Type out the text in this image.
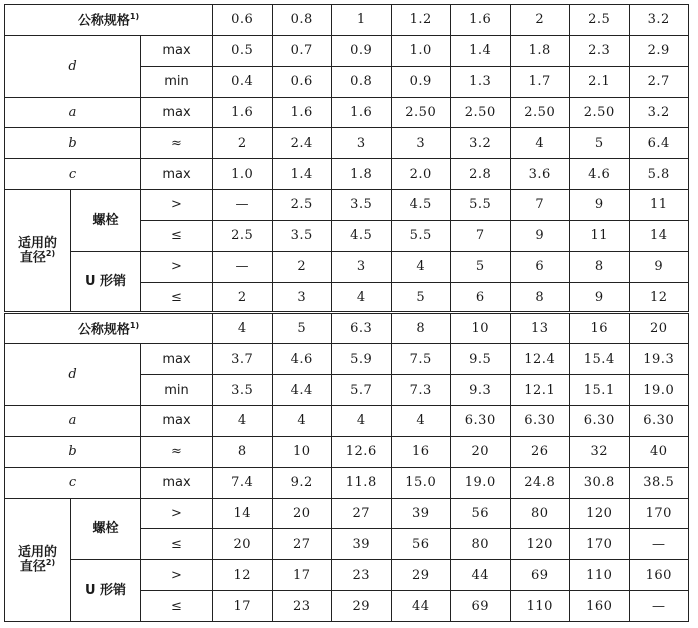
公称规格$^{1)}$			0.6	0.8	1	1.2	1.6	2	2.5	3.2
d		max	0.5	0.7	0.9	1.0	1.4	1.8	2.3	2.9
		min	0.4	0.6	0.8	0.9	1.3	1.7	2.1	2.7
a		max	1.6	1.6	1.6	2.50	2.50	2.50	2.50	3.2
b		≈	2	2.4	3	3	3.2	4	5	6.4
c		max	1.0	1.4	1.8	2.0	2.8	3.6	4.6	5.8
适用的
直径$^{2)}$	螺栓	>	—	2.5	3.5	4.5	5.5	7	9	11
		≤	2.5	3.5	4.5	5.5	7	9	11	14
	U 形销	>	—	2	3	4	5	6	8	9
		≤	2	3	4	5	6	8	9	12
公称规格$^{1)}$			4	5	6.3	8	10	13	16	20
d		max	3.7	4.6	5.9	7.5	9.5	12.4	15.4	19.3
		min	3.5	4.4	5.7	7.3	9.3	12.1	15.1	19.0
a		max	4	4	4	4	6.30	6.30	6.30	6.30
b		≈	8	10	12.6	16	20	26	32	40
c		max	7.4	9.2	11.8	15.0	19.0	24.8	30.8	38.5
适用的
直径$^{2)}$	螺栓	>	14	20	27	39	56	80	120	170
		≤	20	27	39	56	80	120	170	—
	U 形销	>	12	17	23	29	44	69	110	160
		≤	17	23	29	44	69	110	160	—
